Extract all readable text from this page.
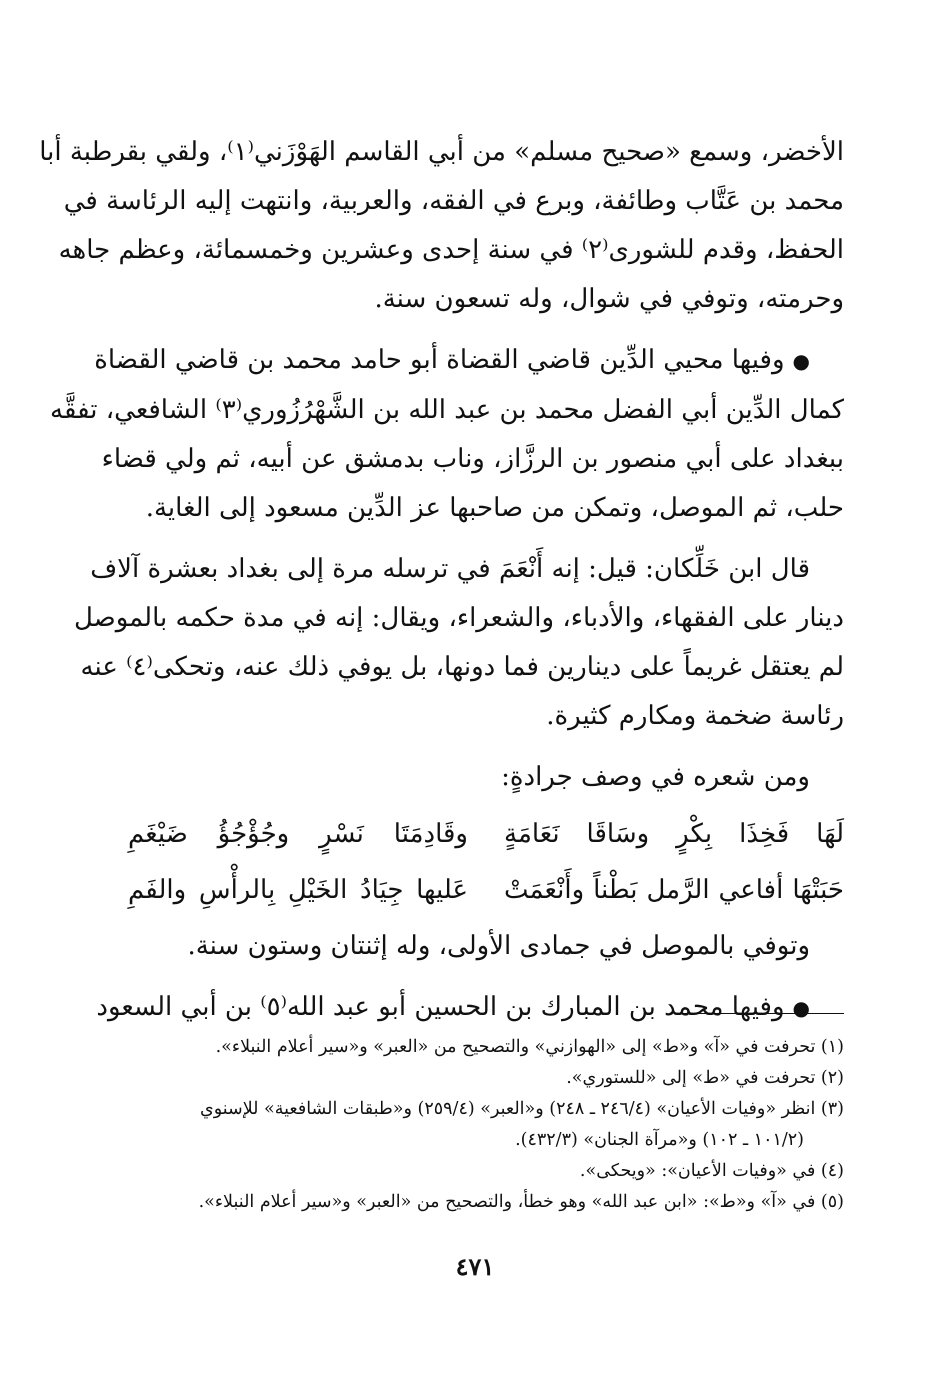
الأخضر، وسمع «صحيح مسلم» من أبي القاسم الهَوْزَني⁽١⁾، ولقي بقرطبة أبا
محمد بن عَتَّاب وطائفة، وبرع في الفقه، والعربية، وانتهت إليه الرئاسة في
الحفظ، وقدم للشورى⁽٢⁾ في سنة إحدى وعشرين وخمسمائة، وعظم جاهه
وحرمته، وتوفي في شوال، وله تسعون سنة.
●وفيها محيي الدِّين قاضي القضاة أبو حامد محمد بن قاضي القضاة
كمال الدِّين أبي الفضل محمد بن عبد الله بن الشَّهْرُزُوري⁽٣⁾ الشافعي، تفقَّه
ببغداد على أبي منصور بن الرزَّاز، وناب بدمشق عن أبيه، ثم ولي قضاء
حلب، ثم الموصل، وتمكن من صاحبها عز الدِّين مسعود إلى الغاية.
قال ابن خَلِّكان: قيل: إنه أَنْعَمَ في ترسله مرة إلى بغداد بعشرة آلاف
دينار على الفقهاء، والأدباء، والشعراء، ويقال: إنه في مدة حكمه بالموصل
لم يعتقل غريماً على دينارين فما دونها، بل يوفي ذلك عنه، وتحكى⁽٤⁾ عنه
رئاسة ضخمة ومكارم كثيرة.
ومن شعره في وصف جرادةٍ:
لَهَا فَخِذَا بِكْرٍ وسَاقَا نَعَامَةٍ
وقَادِمَتَا نَسْرٍ وجُؤْجُؤُ ضَيْغَمِ
حَبَتْهَا أفاعي الرَّمل بَطْناً وأَنْعَمَتْ
عَليها جِيَادُ الخَيْلِ بِالرأْسِ والفَمِ
وتوفي بالموصل في جمادى الأولى، وله إثنتان وستون سنة.
●وفيها محمد بن المبارك بن الحسين أبو عبد الله⁽٥⁾ بن أبي السعود
(١) تحرفت في «آ» و«ط» إلى «الهوازني» والتصحيح من «العبر» و«سير أعلام النبلاء».
(٢) تحرفت في «ط» إلى «للستوري».
(٣) انظر «وفيات الأعيان» (٢٤٦/٤ ـ ٢٤٨) و«العبر» (٢٥٩/٤) و«طبقات الشافعية» للإسنوي
(١٠١/٢ ـ ١٠٢) و«مرآة الجنان» (٤٣٢/٣).
(٤) في «وفيات الأعيان»: «ويحكى».
(٥) في «آ» و«ط»: «ابن عبد الله» وهو خطأ، والتصحيح من «العبر» و«سير أعلام النبلاء».
٤٧١
